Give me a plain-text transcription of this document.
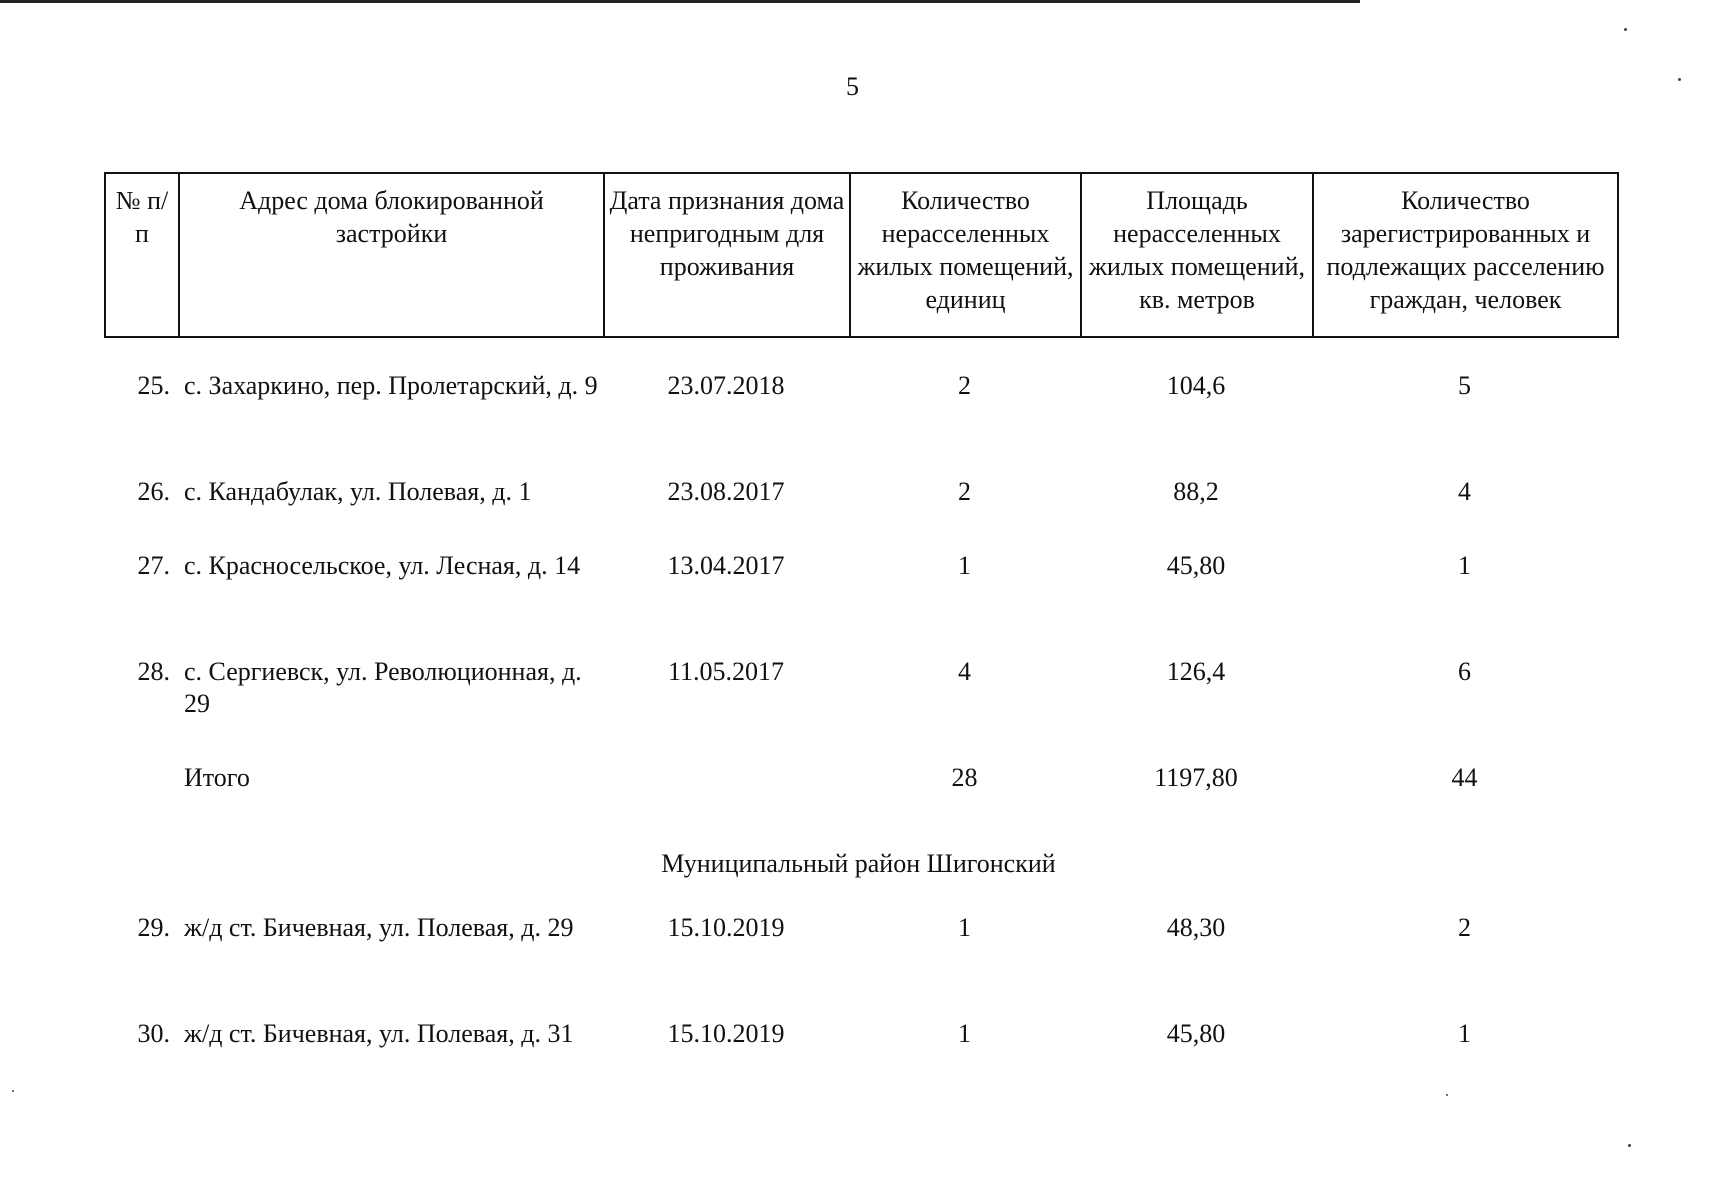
5
№ п/п	Адрес дома блокированной застройки	Дата признания дома непригодным для проживания	Количество нерасселенных жилых помещений, единиц	Площадь нерасселенных жилых помещений, кв. метров	Количество зарегистрированных и подлежащих расселению граждан, человек
25.	с. Захаркино, пер. Пролетарский, д. 9	23.07.2018	2	104,6	5
26.	с. Кандабулак, ул. Полевая, д. 1	23.08.2017	2	88,2	4
27.	с. Красносельское, ул. Лесная, д. 14	13.04.2017	1	45,80	1
28.	с. Сергиевск, ул. Революционная, д. 29	11.05.2017	4	126,4	6
	Итого		28	1197,80	44
Муниципальный район Шигонский					
29.	ж/д ст. Бичевная, ул. Полевая, д. 29	15.10.2019	1	48,30	2
30.	ж/д ст. Бичевная, ул. Полевая, д. 31	15.10.2019	1	45,80	1
